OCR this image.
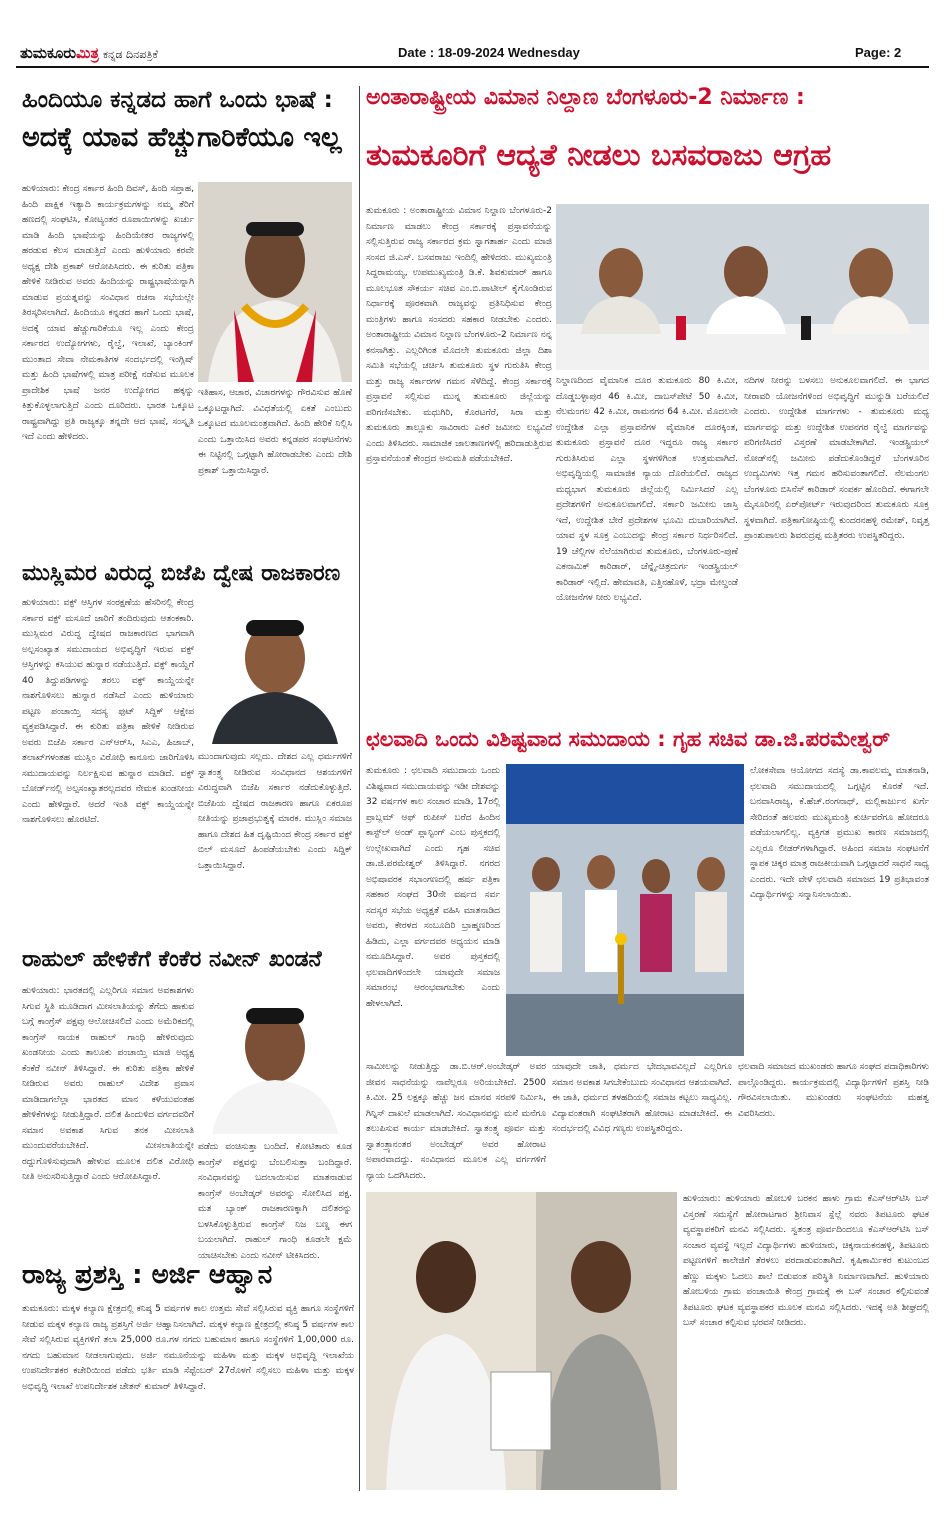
ತುಮಕೂರುಮಿತ್ರ ಕನ್ನಡ ದಿನಪತ್ರಿಕೆ	Date : 18-09-2024 Wednesday	Page: 2
ಹಿಂದಿಯೂ ಕನ್ನಡದ ಹಾಗೆ ಒಂದು ಭಾಷೆ :
ಅದಕ್ಕೆ ಯಾವ ಹೆಚ್ಚುಗಾರಿಕೆಯೂ ಇಲ್ಲ

ಹುಳಿಯಾರು: ಕೇಂದ್ರ ಸರ್ಕಾರ ಹಿಂದಿ ದಿವಸ್, ಹಿಂದಿ ಸಪ್ತಾಹ, ಹಿಂದಿ ಪಾಕ್ಷಿಕ ಇತ್ಯಾದಿ ಕಾರ್ಯಕ್ರಮಗಳನ್ನು ನಮ್ಮ ತೆರಿಗೆ ಹಣದಲ್ಲಿ ಸಂಘಟಿಸಿ, ಕೋಟ್ಯಂತರ ರೂಪಾಯಿಗಳನ್ನು ಖರ್ಚು ಮಾಡಿ ಹಿಂದಿ ಭಾಷೆಯನ್ನು ಹಿಂದಿಯೇತರ ರಾಜ್ಯಗಳಲ್ಲಿ ಹರಡುವ ಕೆಲಸ ಮಾಡುತ್ತಿದೆ ಎಂದು ಹುಳಿಯಾರು ಕರವೇ ಅಧ್ಯಕ್ಷ ದೇಶಿ ಪ್ರಕಾಶ್ ಆರೋಪಿಸಿದರು. ಈ ಕುರಿತು ಪತ್ರಿಕಾ ಹೇಳಿಕೆ ನೀಡಿರುವ ಅವರು ಹಿಂದಿಯನ್ನು ರಾಷ್ಟ್ರಭಾಷೆಯನ್ನಾಗಿ ಮಾಡುವ ಪ್ರಯತ್ನವನ್ನು ಸಂವಿಧಾನ ರಚನಾ ಸಭೆಯಲ್ಲೇ ತಿರಸ್ಕರಿಸಲಾಗಿದೆ. ಹಿಂದಿಯೂ ಕನ್ನಡದ ಹಾಗೆ ಒಂದು ಭಾಷೆ, ಅದಕ್ಕೆ ಯಾವ ಹೆಚ್ಚುಗಾರಿಕೆಯೂ ಇಲ್ಲ ಎಂದು ಕೇಂದ್ರ ಸರ್ಕಾರದ ಉದ್ಯೋಗಗಳು, ರೈಲ್ವೆ, ಇಲಾಖೆ, ಬ್ಯಾಂಕಿಂಗ್ ಮುಂತಾದ ಸೇವಾ ನೇಮಕಾತಿಗಳ ಸಂದರ್ಭದಲ್ಲಿ ಇಂಗ್ಲಿಷ್ ಮತ್ತು ಹಿಂದಿ ಭಾಷೆಗಳಲ್ಲಿ ಮಾತ್ರ ಪರೀಕ್ಷೆ ನಡೆಸುವ ಮೂಲಕ ಪ್ರಾದೇಶಿಕ ಭಾಷೆ ಜನರ ಉದ್ಯೋಗದ ಹಕ್ಕನ್ನು ಕಿತ್ತುಕೊಳ್ಳಲಾಗುತ್ತಿದೆ ಎಂದು ದೂರಿದರು. ಭಾರತ ಒಕ್ಕೂಟ ರಾಷ್ಟ್ರವಾಗಿದ್ದು ಪ್ರತಿ ರಾಜ್ಯಕ್ಕೂ ತನ್ನದೇ ಆದ ಭಾಷೆ, ಸಂಸ್ಕೃತಿ ಇದೆ ಎಂದು ಹೇಳಿದರು.

ಇತಿಹಾಸ, ಆಚಾರ, ವಿಚಾರಗಳನ್ನು ಗೌರವಿಸುವ ಹೊಣೆ ಒಕ್ಕೂಟದ್ದಾಗಿದೆ. ವಿವಿಧತೆಯಲ್ಲಿ ಏಕತೆ ಎಂಬುದು ಒಕ್ಕೂಟದ ಮೂಲಮಂತ್ರವಾಗಿದೆ. ಹಿಂದಿ ಹೇರಿಕೆ ನಿಲ್ಲಿಸಿ ಎಂದು ಒತ್ತಾಯಿಸಿದ ಅವರು ಕನ್ನಡಪರ ಸಂಘಟನೆಗಳು ಈ ನಿಟ್ಟಿನಲ್ಲಿ ಒಗ್ಗಟ್ಟಾಗಿ ಹೋರಾಡಬೇಕು ಎಂದು ದೇಶಿ ಪ್ರಕಾಶ್ ಒತ್ತಾಯಿಸಿದ್ದಾರೆ.

ಮುಸ್ಲಿಮರ ವಿರುದ್ಧ ಬಿಜೆಪಿ ದ್ವೇಷ ರಾಜಕಾರಣ

ಹುಳಿಯಾರು: ವಕ್ಫ್ ಆಸ್ತಿಗಳ ಸಂರಕ್ಷಣೆಯ ಹೆಸರಿನಲ್ಲಿ ಕೇಂದ್ರ ಸರ್ಕಾರ ವಕ್ಫ್ ಮಸೂದೆ ಜಾರಿಗೆ ತಂದಿರುವುದು ಆತಂಕಕಾರಿ. ಮುಸ್ಲಿಮರ ವಿರುದ್ಧ ದ್ವೇಷದ ರಾಜಕಾರಣದ ಭಾಗವಾಗಿ ಅಲ್ಪಸಂಖ್ಯಾತ ಸಮುದಾಯದ ಅಭಿವೃದ್ಧಿಗೆ ಇರುವ ವಕ್ಫ್ ಆಸ್ತಿಗಳನ್ನು ಕಸಿಯುವ ಹುನ್ನಾರ ನಡೆಯುತ್ತಿದೆ. ವಕ್ಫ್ ಕಾಯ್ದೆಗೆ 40 ತಿದ್ದುಪಡಿಗಳನ್ನು ತರಲು ವಕ್ಫ್ ಕಾಯ್ದೆಯನ್ನೇ ನಾಶಗೊಳಿಸಲು ಹುನ್ನಾರ ನಡೆಸಿದೆ ಎಂದು ಹುಳಿಯಾರು ಪಟ್ಟಣ ಪಂಚಾಯ್ತಿ ಸದಸ್ಯ ಫುಟ್ ಸಿದ್ದಿಕ್ ಆಕ್ಷೇಪ ವ್ಯಕ್ತಪಡಿಸಿದ್ದಾರೆ. ಈ ಕುರಿತು ಪತ್ರಿಕಾ ಹೇಳಿಕೆ ನೀಡಿರುವ ಅವರು ಬಿಜೆಪಿ ಸರ್ಕಾರ ಎನ್‌ಆರ್‌ಸಿ, ಸಿಎಎ, ಹಿಜಾಬ್, ತಲಾಖ್‌ಗಳಂತಹ ಮುಸ್ಲಿಂ ವಿರೋಧಿ ಕಾನೂನು ಜಾರಿಗೊಳಿಸಿ ಸಮುದಾಯವನ್ನು ನಿರ್ಲಕ್ಷಿಸುವ ಹುನ್ನಾರ ಮಾಡಿದೆ. ವಕ್ಫ್ ಬೋರ್ಡ್‌ನಲ್ಲಿ ಅಲ್ಪಸಂಖ್ಯಾತರಲ್ಲದವರ ನೇಮಕ ಖಂಡನೀಯ ಎಂದು ಹೇಳಿದ್ದಾರೆ. ಆದರೆ ಇಂತಿ ವಕ್ಫ್ ಕಾಯ್ದೆಯನ್ನೇ ನಾಶಗೊಳಿಸಲು ಹೊರಟಿದೆ.

ಮುಂದಾಗುವುದು ಸಲ್ಲದು. ದೇಶದ ಎಲ್ಲ ಧರ್ಮಗಳಿಗೆ ಸ್ವಾತಂತ್ರ್ಯ ನೀಡಿರುವ ಸಂವಿಧಾನದ ಆಶಯಗಳಿಗೆ ವಿರುದ್ಧವಾಗಿ ಬಿಜೆಪಿ ಸರ್ಕಾರ ನಡೆದುಕೊಳ್ಳುತ್ತಿದೆ. ಬಿಜೆಪಿಯ ದ್ವೇಷದ ರಾಜಕಾರಣ ಹಾಗೂ ಏಕರೂಪ ನೀತಿಯನ್ನು ಪ್ರಜಾಪ್ರಭುತ್ವಕ್ಕೆ ಮಾರಕ. ಮುಸ್ಲಿಂ ಸಮಾಜ ಹಾಗೂ ದೇಶದ ಹಿತ ದೃಷ್ಟಿಯಿಂದ ಕೇಂದ್ರ ಸರ್ಕಾರ ವಕ್ಫ್ ಬಿಲ್ ಮಸೂದೆ ಹಿಂಪಡೆಯಬೇಕು ಎಂದು ಸಿದ್ದಿಕ್ ಒತ್ತಾಯಿಸಿದ್ದಾರೆ.

ರಾಹುಲ್ ಹೇಳಿಕೆಗೆ ಕೆಂಕೆರ ನವೀನ್ ಖಂಡನೆ

ಹುಳಿಯಾರು: ಭಾರತದಲ್ಲಿ ಎಲ್ಲರಿಗೂ ಸಮಾನ ಅವಕಾಶಗಳು ಸಿಗುವ ಸ್ಥಿತಿ ಮೂಡಿದಾಗ ಮೀಸಲಾತಿಯನ್ನು ತೆಗೆದು ಹಾಕುವ ಬಗ್ಗೆ ಕಾಂಗ್ರೆಸ್ ಪಕ್ಷವು ಆಲೋಚಿಸಲಿದೆ ಎಂದು ಅಮೆರಿಕದಲ್ಲಿ ಕಾಂಗ್ರೆಸ್ ನಾಯಕ ರಾಹುಲ್ ಗಾಂಧಿ ಹೇಳಿರುವುದು ಖಂಡನೀಯ ಎಂದು ತಾಲೂಕು ಪಂಚಾಯ್ತಿ ಮಾಜಿ ಅಧ್ಯಕ್ಷ ಕೆಂಕೆರೆ ನವೀನ್ ತಿಳಿಸಿದ್ದಾರೆ. ಈ ಕುರಿತು ಪತ್ರಿಕಾ ಹೇಳಿಕೆ ನೀಡಿರುವ ಅವರು ರಾಹುಲ್ ವಿದೇಶ ಪ್ರವಾಸ ಮಾಡಿದಾಗಲೆಲ್ಲಾ ಭಾರತದ ಮಾನ ಕಳೆಯುವಂತಹ ಹೇಳಿಕೆಗಳನ್ನು ನೀಡುತ್ತಿದ್ದಾರೆ. ದಲಿತ ಹಿಂದುಳಿದ ವರ್ಗದವರಿಗೆ ಸಮಾನ ಅವಕಾಶ ಸಿಗುವ ತನಕ ಮೀಸಲಾತಿ ಮುಂದುವರೆಯಬೇಕಿದೆ. ಮೀಸಲಾತಿಯನ್ನೇ ರದ್ದುಗೊಳಿಸುವುದಾಗಿ ಹೇಳುವ ಮೂಲಕ ದಲಿತ ವಿರೋಧಿ ನೀತಿ ಅನುಸರಿಸುತ್ತಿದ್ದಾರೆ ಎಂದು ಆರೋಪಿಸಿದ್ದಾರೆ.

ಪಡೆದು ವಂಚಿಸುತ್ತಾ ಬಂದಿದೆ. ಕೋಟಿತಾರು ಕೂಡ ಕಾಂಗ್ರೆಸ್ ಪಕ್ಷವನ್ನು ಬೆಂಬಲಿಸುತ್ತಾ ಬಂದಿದ್ದಾರೆ. ಸಂವಿಧಾನವನ್ನು ಬದಲಾಯಿಸುವ ಮಾತನಾಡುವ ಕಾಂಗ್ರೆಸ್ ಅಂಬೇಡ್ಕರ್ ಅವರನ್ನು ಸೋಲಿಸಿದ ಪಕ್ಷ. ಮತ ಬ್ಯಾಂಕ್ ರಾಜಕಾರಣಕ್ಕಾಗಿ ದಲಿತರನ್ನು ಬಳಸಿಕೊಳ್ಳುತ್ತಿರುವ ಕಾಂಗ್ರೆಸ್ ನಿಜ ಬಣ್ಣ ಈಗ ಬಯಲಾಗಿದೆ. ರಾಹುಲ್ ಗಾಂಧಿ ಕೂಡಲೇ ಕ್ಷಮೆ ಯಾಚಿಸಬೇಕು ಎಂದು ನವೀನ್ ಟೀಕಿಸಿದರು.

ರಾಜ್ಯ ಪ್ರಶಸ್ತಿ : ಅರ್ಜಿ ಆಹ್ವಾನ

ತುಮಕೂರು: ಮಕ್ಕಳ ಕಲ್ಯಾಣ ಕ್ಷೇತ್ರದಲ್ಲಿ ಕನಿಷ್ಠ 5 ವರ್ಷಗಳ ಕಾಲ ಉತ್ತಮ ಸೇವೆ ಸಲ್ಲಿಸಿರುವ ವ್ಯಕ್ತಿ ಹಾಗೂ ಸಂಸ್ಥೆಗಳಿಗೆ ನೀಡುವ ಮಕ್ಕಳ ಕಲ್ಯಾಣ ರಾಜ್ಯ ಪ್ರಶಸ್ತಿಗೆ ಅರ್ಜಿ ಆಹ್ವಾನಿಸಲಾಗಿದೆ. ಮಕ್ಕಳ ಕಲ್ಯಾಣ ಕ್ಷೇತ್ರದಲ್ಲಿ ಕನಿಷ್ಠ 5 ವರ್ಷಗಳ ಕಾಲ ಸೇವೆ ಸಲ್ಲಿಸಿರುವ ವ್ಯಕ್ತಿಗಳಿಗೆ ತಲಾ 25,000 ರೂ.ಗಳ ನಗದು ಬಹುಮಾನ ಹಾಗೂ ಸಂಸ್ಥೆಗಳಿಗೆ 1,00,000 ರೂ. ನಗದು ಬಹುಮಾನ ನೀಡಲಾಗುವುದು. ಅರ್ಜಿ ನಮೂನೆಯನ್ನು ಮಹಿಳಾ ಮತ್ತು ಮಕ್ಕಳ ಅಭಿವೃದ್ಧಿ ಇಲಾಖೆಯ ಉಪನಿರ್ದೇಶಕರ ಕಚೇರಿಯಿಂದ ಪಡೆದು ಭರ್ತಿ ಮಾಡಿ ಸೆಪ್ಟೆಂಬರ್ 27ರೊಳಗೆ ಸಲ್ಲಿಸಲು ಮಹಿಳಾ ಮತ್ತು ಮಕ್ಕಳ ಅಭಿವೃದ್ಧಿ ಇಲಾಖೆ ಉಪನಿರ್ದೇಶಕ ಚೇತನ್ ಕುಮಾರ್ ತಿಳಿಸಿದ್ದಾರೆ.

ಅಂತಾರಾಷ್ಟ್ರೀಯ ವಿಮಾನ ನಿಲ್ದಾಣ ಬೆಂಗಳೂರು-2 ನಿರ್ಮಾಣ :
ತುಮಕೂರಿಗೆ ಆದ್ಯತೆ ನೀಡಲು ಬಸವರಾಜು ಆಗ್ರಹ

ತುಮಕೂರು : ಅಂತಾರಾಷ್ಟ್ರೀಯ ವಿಮಾನ ನಿಲ್ದಾಣ ಬೆಂಗಳೂರು-2 ನಿರ್ಮಾಣ ಮಾಡಲು ಕೇಂದ್ರ ಸರ್ಕಾರಕ್ಕೆ ಪ್ರಸ್ತಾವನೆಯನ್ನು ಸಲ್ಲಿಸುತ್ತಿರುವ ರಾಜ್ಯ ಸರ್ಕಾರದ ಕ್ರಮ ಸ್ವಾಗತಾರ್ಹ ಎಂದು ಮಾಜಿ ಸಂಸದ ಜಿ.ಎಸ್. ಬಸವರಾಜು ಇಂದಿಲ್ಲಿ ಹೇಳಿದರು. ಮುಖ್ಯಮಂತ್ರಿ ಸಿದ್ದರಾಮಯ್ಯ, ಉಪಮುಖ್ಯಮಂತ್ರಿ ಡಿ.ಕೆ. ಶಿವಕುಮಾರ್ ಹಾಗೂ ಮೂಲಭೂತ ಸೌಕರ್ಯ ಸಚಿವ ಎಂ.ಬಿ.ಪಾಟೀಲ್ ಕೈಗೊಂಡಿರುವ ನಿರ್ಧಾರಕ್ಕೆ ಪೂರಕವಾಗಿ ರಾಜ್ಯವನ್ನು ಪ್ರತಿನಿಧಿಸುವ ಕೇಂದ್ರ ಮಂತ್ರಿಗಳು ಹಾಗೂ ಸಂಸದರು ಸಹಕಾರ ನೀಡಬೇಕು ಎಂದರು. ಅಂತಾರಾಷ್ಟ್ರೀಯ ವಿಮಾನ ನಿಲ್ದಾಣ ಬೆಂಗಳೂರು-2 ನಿರ್ಮಾಣ ನನ್ನ ಕನಸಾಗಿತ್ತು. ಎಲ್ಲರಿಗಿಂತ ಮೊದಲೇ ತುಮಕೂರು ಜಿಲ್ಲಾ ದಿಶಾ ಸಮಿತಿ ಸಭೆಯಲ್ಲಿ ಚರ್ಚಿಸಿ ತುಮಕೂರು ಸ್ಥಳ ಗುರುತಿಸಿ ಕೇಂದ್ರ ಮತ್ತು ರಾಜ್ಯ ಸರ್ಕಾರಗಳ ಗಮನ ಸೆಳೆದಿದ್ದೆ. ಕೇಂದ್ರ ಸರ್ಕಾರಕ್ಕೆ ಪ್ರಸ್ತಾವನೆ ಸಲ್ಲಿಸುವ ಮುನ್ನ ತುಮಕೂರು ಜಿಲ್ಲೆಯನ್ನು ಪರಿಗಣಿಸಬೇಕು. ಮಧುಗಿರಿ, ಕೊರಟಗೆರೆ, ಸಿರಾ ಮತ್ತು ತುಮಕೂರು ತಾಲ್ಲೂಕು ಸಾವಿರಾರು ಎಕರೆ ಜಮೀನು ಲಭ್ಯವಿದೆ ಎಂದು ತಿಳಿಸಿದರು. ಸಾಮಾಜಿಕ ಜಾಲತಾಣಗಳಲ್ಲಿ ಹರಿದಾಡುತ್ತಿರುವ ಪ್ರಸ್ತಾವನೆಯಂತೆ ಕೇಂದ್ರದ ಅನುಮತಿ ಪಡೆಯಬೇಕಿದೆ.

ನಿಲ್ದಾಣದಿಂದ ವೈಮಾನಿಕ ದೂರ ತುಮಕೂರು 80 ಕಿ.ಮೀ, ದೊಡ್ಡಬಳ್ಳಾಪುರ 46 ಕಿ.ಮೀ, ದಾಬಸ್‌ಪೇಟೆ 50 ಕಿ.ಮೀ, ನೆಲಮಂಗಲ 42 ಕಿ.ಮೀ, ರಾಮನಗರ 64 ಕಿ.ಮೀ. ಮೊದಲನೇ ಉದ್ದೇಶಿತ ಎಲ್ಲಾ ಪ್ರಸ್ತಾವನೆಗಳ ವೈಮಾನಿಕ ದೂರಕ್ಕಿಂತ, ತುಮಕೂರು ಪ್ರಸ್ತಾವನೆ ದೂರ ಇದ್ದರೂ ರಾಜ್ಯ ಸರ್ಕಾರ ಗುರುತಿಸಿರುವ ಎಲ್ಲಾ ಸ್ಥಳಗಳಿಗಿಂತ ಉತ್ತಮವಾಗಿದೆ. ಅಭಿವೃದ್ಧಿಯಲ್ಲಿ ಸಾಮಾಜಿಕ ನ್ಯಾಯ ದೊರೆಯಲಿದೆ. ರಾಜ್ಯದ ಮಧ್ಯಭಾಗ ತುಮಕೂರು ಜಿಲ್ಲೆಯಲ್ಲಿ ನಿರ್ಮಿಸಿದರೆ ಎಲ್ಲ ಪ್ರದೇಶಗಳಿಗೆ ಅನುಕೂಲವಾಗಲಿದೆ. ಸರ್ಕಾರಿ ಜಮೀನು ಜಾಸ್ತಿ ಇದೆ, ಉದ್ದೇಶಿತ ಬೇರೆ ಪ್ರದೇಶಗಳ ಭೂಮಿ ದುಬಾರಿಯಾಗಿದೆ. ಯಾವ ಸ್ಥಳ ಸೂಕ್ತ ಎಂಬುದನ್ನು ಕೇಂದ್ರ ಸರ್ಕಾರ ನಿರ್ಧರಿಸಲಿದೆ. 19 ಚೆಲ್ಲಿಗಳ ನೆಲೆಯಾಗಿರುವ ತುಮಕೂರು, ಬೆಂಗಳೂರು-ಪುಣೆ ಎಕನಾಮಿಕ್ ಕಾರಿಡಾರ್, ಚೆನ್ನೈ-ಚಿತ್ರದುರ್ಗ ಇಂಡಸ್ಟ್ರಿಯಲ್ ಕಾರಿಡಾರ್ ಇಲ್ಲಿದೆ. ಹೇಮಾವತಿ, ಎತ್ತಿನಹೊಳೆ, ಭದ್ರಾ ಮೇಲ್ದಂಡೆ ಯೋಜನೆಗಳ ನೀರು ಲಭ್ಯವಿದೆ.

ನದಿಗಳ ನೀರನ್ನು ಬಳಸಲು ಅನುಕೂಲವಾಗಲಿದೆ. ಈ ಭಾಗದ ನೀರಾವರಿ ಯೋಜನೆಗಳಿಂದ ಅಭಿವೃದ್ಧಿಗೆ ಮುನ್ನುಡಿ ಬರೆಯಲಿದೆ ಎಂದರು. ಉದ್ದೇಶಿತ ಮಾರ್ಗಗಳು - ತುಮಕೂರು ಮಧ್ಯ ಮಾರ್ಗವನ್ನು ಮತ್ತು ಉದ್ದೇಶಿತ ಉಪನಗರ ರೈಲ್ವೆ ಮಾರ್ಗವನ್ನು ಪರಿಗಣಿಸಿದರೆ ವಿಸ್ತರಣೆ ಮಾಡಬೇಕಾಗಿದೆ. ಇಂಡಸ್ಟ್ರಿಯಲ್ ನೋಡ್‌ನಲ್ಲಿ ಜಮೀನು ಪಡೆದುಕೊಂಡಿದ್ದರೆ ಬೆಂಗಳೂರಿನ ಉದ್ಯಮಿಗಳು ಇತ್ತ ಗಮನ ಹರಿಸುವಂತಾಗಲಿದೆ. ನೆಲಮಂಗಲ ಬೆಂಗಳೂರು ಬಿಸಿನೆಸ್ ಕಾರಿಡಾರ್ ಸಂಪರ್ಕ ಹೊಂದಿದೆ. ಈಗಾಗಲೇ ಮೈಸೂರಿನಲ್ಲಿ ಏರ್‌ಪೋರ್ಟ್ ಇರುವುದರಿಂದ ತುಮಕೂರು ಸೂಕ್ತ ಸ್ಥಳವಾಗಿದೆ. ಪತ್ರಿಕಾಗೋಷ್ಠಿಯಲ್ಲಿ ಕುಂದರನಹಳ್ಳಿ ರಮೇಶ್, ನಿವೃತ್ತ ಪ್ರಾಂಶುಪಾಲರು ಶಿವರುದ್ರಪ್ಪ ಮತ್ತಿತರರು ಉಪಸ್ಥಿತರಿದ್ದರು.

ಛಲವಾದಿ ಒಂದು ವಿಶಿಷ್ಟವಾದ ಸಮುದಾಯ : ಗೃಹ ಸಚಿವ ಡಾ.ಜಿ.ಪರಮೇಶ್ವರ್

ತುಮಕೂರು : ಛಲವಾದಿ ಸಮುದಾಯ ಒಂದು ವಿಶಿಷ್ಟವಾದ ಸಮುದಾಯವನ್ನು ಇಡೀ ದೇಶವನ್ನು 32 ವರ್ಷಗಳ ಕಾಲ ಸಂಚಾರ ಮಾಡಿ, 17ರಲ್ಲಿ ಪ್ರಾಬ್ಲಮ್ ಆಫ್ ರುಪೀಸ್ ಬರೆದ ಹಿಂದಿನ ಕಾಸ್ಟ್‌ಲ್ ಅಂಡ್ ಪ್ಲಾನ್ಟಿಂಗ್ ಎಂಬ ಪುಸ್ತಕದಲ್ಲಿ ಉಲ್ಲೇಖವಾಗಿದೆ ಎಂದು ಗೃಹ ಸಚಿವ ಡಾ.ಜಿ.ಪರಮೇಶ್ವರ್ ತಿಳಿಸಿದ್ದಾರೆ. ನಗರದ ಅಭಿಷಾವರಕ ಸಭಾಂಗಣದಲ್ಲಿ ಹರ್ಷ ಪತ್ರಿಕಾ ಸಹಕಾರ ಸಂಘದ 30ನೇ ವರ್ಷದ ಸರ್ವ ಸದಸ್ಯರ ಸಭೆಯ ಅಧ್ಯಕ್ಷತೆ ವಹಿಸಿ ಮಾತನಾಡಿದ ಅವರು, ಕೇರಳದ ಸಂಬೂದಿರಿ ಬ್ರಾಹ್ಮಣರಿಂದ ಹಿಡಿದು, ಎಲ್ಲಾ ವರ್ಗದವರ ಅಧ್ಯಯನ ಮಾಡಿ ನಮೂದಿಸಿದ್ದಾರೆ. ಅವರ ಪುಸ್ತಕದಲ್ಲಿ ಛಲವಾದಿಗಳಿಂದಲೇ ಯಾವುದೇ ಸಮಾಜ ಸಮಾರಂಭ ಆರಂಭವಾಗಬೇಕು ಎಂದು ಹೇಳಲಾಗಿದೆ.

ಲೋಕಸೇವಾ ಆಯೋಗದ ಸದಸ್ಯೆ ಡಾ.ಕಾವಲಮ್ಮ ಮಾತನಾಡಿ, ಛಲವಾದಿ ಸಮುದಾಯದಲ್ಲಿ ಒಗ್ಗಟ್ಟಿನ ಕೊರತೆ ಇದೆ. ಬನವಾಸಿರಾಜ್ಯ, ಕೆ.ಹೆಚ್.ರಂಗನಾಥ್, ಮಲ್ಲಿಕಾರ್ಜುನ ಖರ್ಗೆ ಸೇರಿದಂತೆ ಹಲವರು ಮುಖ್ಯಮಂತ್ರಿ ಕುರ್ಚಿವರೆಗೂ ಹೋದರೂ ಪಡೆಯಲಾಗಲಿಲ್ಲ. ವ್ಯಕ್ತಿಗತ ಪ್ರಮುಖ ಕಾರಣ ಸಮಾಜದಲ್ಲಿ ಎಲ್ಲರೂ ಲೀಡರ್‌ಗಳಾಗಿದ್ದಾರೆ. ಅಹಿಂದ ಸಮಾಜ ಸಂಘಟನೆಗೆ ಸ್ಥಾಪಕ ಚಿಕ್ಕರ ಮಾತ್ರ ರಾಜಕೀಯವಾಗಿ ಒಗ್ಗಟ್ಟಾದರೆ ಸಾಧನೆ ಸಾಧ್ಯ ಎಂದರು. ಇದೇ ವೇಳೆ ಛಲವಾದಿ ಸಮಾಜದ 19 ಪ್ರತಿಭಾವಂತ ವಿದ್ಯಾರ್ಥಿಗಳನ್ನು ಸನ್ಮಾನಿಸಲಾಯಿತು.

ಸಾಮೀಲನ್ನು ನೀಡುತ್ತಿದ್ದು ಡಾ.ಬಿ.ಆರ್.ಅಂಬೇಡ್ಕರ್ ಅವರ ಜೀವನ ಸಾಧನೆಯನ್ನು ನಾವೆಲ್ಲರೂ ಅರಿಯಬೇಕಿದೆ. 2500 ಕಿ.ಮೀ. 25 ಲಕ್ಷಕ್ಕೂ ಹೆಚ್ಚು ಜನ ಮಾನವ ಸರಪಳಿ ನಿರ್ಮಿಸಿ, ಗಿನ್ನಿಸ್ ದಾಖಲೆ ಮಾಡಲಾಗಿದೆ. ಸಂವಿಧಾನವನ್ನು ಮನೆ ಮನೆಗೂ ತಲುಪಿಸುವ ಕಾರ್ಯ ಮಾಡಬೇಕಿದೆ. ಸ್ವಾತಂತ್ರ್ಯ ಪೂರ್ವ ಮತ್ತು ಸ್ವಾತಂತ್ರ್ಯಾನಂತರ ಅಂಬೇಡ್ಕರ್ ಅವರ ಹೋರಾಟ ಅಪಾರವಾದದ್ದು. ಸಂವಿಧಾನದ ಮೂಲಕ ಎಲ್ಲ ವರ್ಗಗಳಿಗೆ ನ್ಯಾಯ ಒದಗಿಸಿದರು.

ಯಾವುದೇ ಜಾತಿ, ಧರ್ಮದ ಭೇದಭಾವವಿಲ್ಲದೆ ಎಲ್ಲರಿಗೂ ಸಮಾನ ಅವಕಾಶ ಸಿಗಬೇಕೆಂಬುದು ಸಂವಿಧಾನದ ಆಶಯವಾಗಿದೆ. ಈ ಜಾತಿ, ಧರ್ಮದ ತಳಹದಿಯಲ್ಲಿ ಸಮಾಜ ಕಟ್ಟಲು ಸಾಧ್ಯವಿಲ್ಲ. ವಿದ್ಯಾವಂತರಾಗಿ ಸಂಘಟಿತರಾಗಿ ಹೋರಾಟ ಮಾಡಬೇಕಿದೆ. ಈ ಸಂದರ್ಭದಲ್ಲಿ ವಿವಿಧ ಗಣ್ಯರು ಉಪಸ್ಥಿತರಿದ್ದರು.

ಛಲವಾದಿ ಸಮಾಜದ ಮುಖಂಡರು ಹಾಗೂ ಸಂಘದ ಪದಾಧಿಕಾರಿಗಳು ಪಾಲ್ಗೊಂಡಿದ್ದರು. ಕಾರ್ಯಕ್ರಮದಲ್ಲಿ ವಿದ್ಯಾರ್ಥಿಗಳಿಗೆ ಪ್ರಶಸ್ತಿ ನೀಡಿ ಗೌರವಿಸಲಾಯಿತು. ಮುಖಂಡರು ಸಂಘಟನೆಯ ಮಹತ್ವ ವಿವರಿಸಿದರು.

ಹುಳಿಯಾರು: ಹುಳಿಯಾರು ಹೋಬಳಿ ಬರಕನ ಹಾಳು ಗ್ರಾಮ ಕೆಎಸ್‌ಆರ್‌ಟಿಸಿ ಬಸ್ ವಿಸ್ತರಣೆ ಸಮಸ್ಯೆಗೆ ಹೋರಾಟಗಾರ ಶ್ರೀನಿವಾಸ ಸ್ಪೆಲ್ಲೆ ನವರು ತಿಪಟೂರು ಘಟಕ ವ್ಯವಸ್ಥಾಪಕರಿಗೆ ಮನವಿ ಸಲ್ಲಿಸಿದರು. ಸ್ವತಂತ್ರ ಪೂರ್ವದಿಂದಲೂ ಕೆಎಸ್‌ಆರ್‌ಟಿಸಿ ಬಸ್ ಸಂಚಾರ ವ್ಯವಸ್ಥೆ ಇಲ್ಲದೆ ವಿದ್ಯಾರ್ಥಿಗಳು ಹುಳಿಯಾರು, ಚಿಕ್ಕನಾಯಕನಹಳ್ಳಿ, ತಿಪಟೂರು ಪಟ್ಟಣಗಳಿಗೆ ಕಾಲೇಜಿಗೆ ತೆರಳಲು ಪರದಾಡುವಂತಾಗಿದೆ. ಕೃಷಿಕಾರ್ಮಿಕರ ಕುಟುಂಬದ ಹೆಣ್ಣು ಮಕ್ಕಳು ಓದಲು ಶಾಲೆ ಬಿಡುವಂತ ಪರಿಸ್ಥಿತಿ ನಿರ್ಮಾಣವಾಗಿದೆ. ಹುಳಿಯಾರು ಹೋಬಳಿಯ ಗ್ರಾಮ ಪಂಚಾಯಿತಿ ಕೇಂದ್ರ ಗ್ರಾಮಕ್ಕೆ ಈ ಬಸ್ ಸಂಚಾರ ಕಲ್ಪಿಸುವಂತೆ ತಿಪಟೂರು ಘಟಕ ವ್ಯವಸ್ಥಾಪಕರ ಮೂಲಕ ಮನವಿ ಸಲ್ಲಿಸಿದರು. ಇದಕ್ಕೆ ಅತಿ ಶೀಘ್ರದಲ್ಲಿ ಬಸ್ ಸಂಚಾರ ಕಲ್ಪಿಸುವ ಭರವಸೆ ನೀಡಿದರು.
